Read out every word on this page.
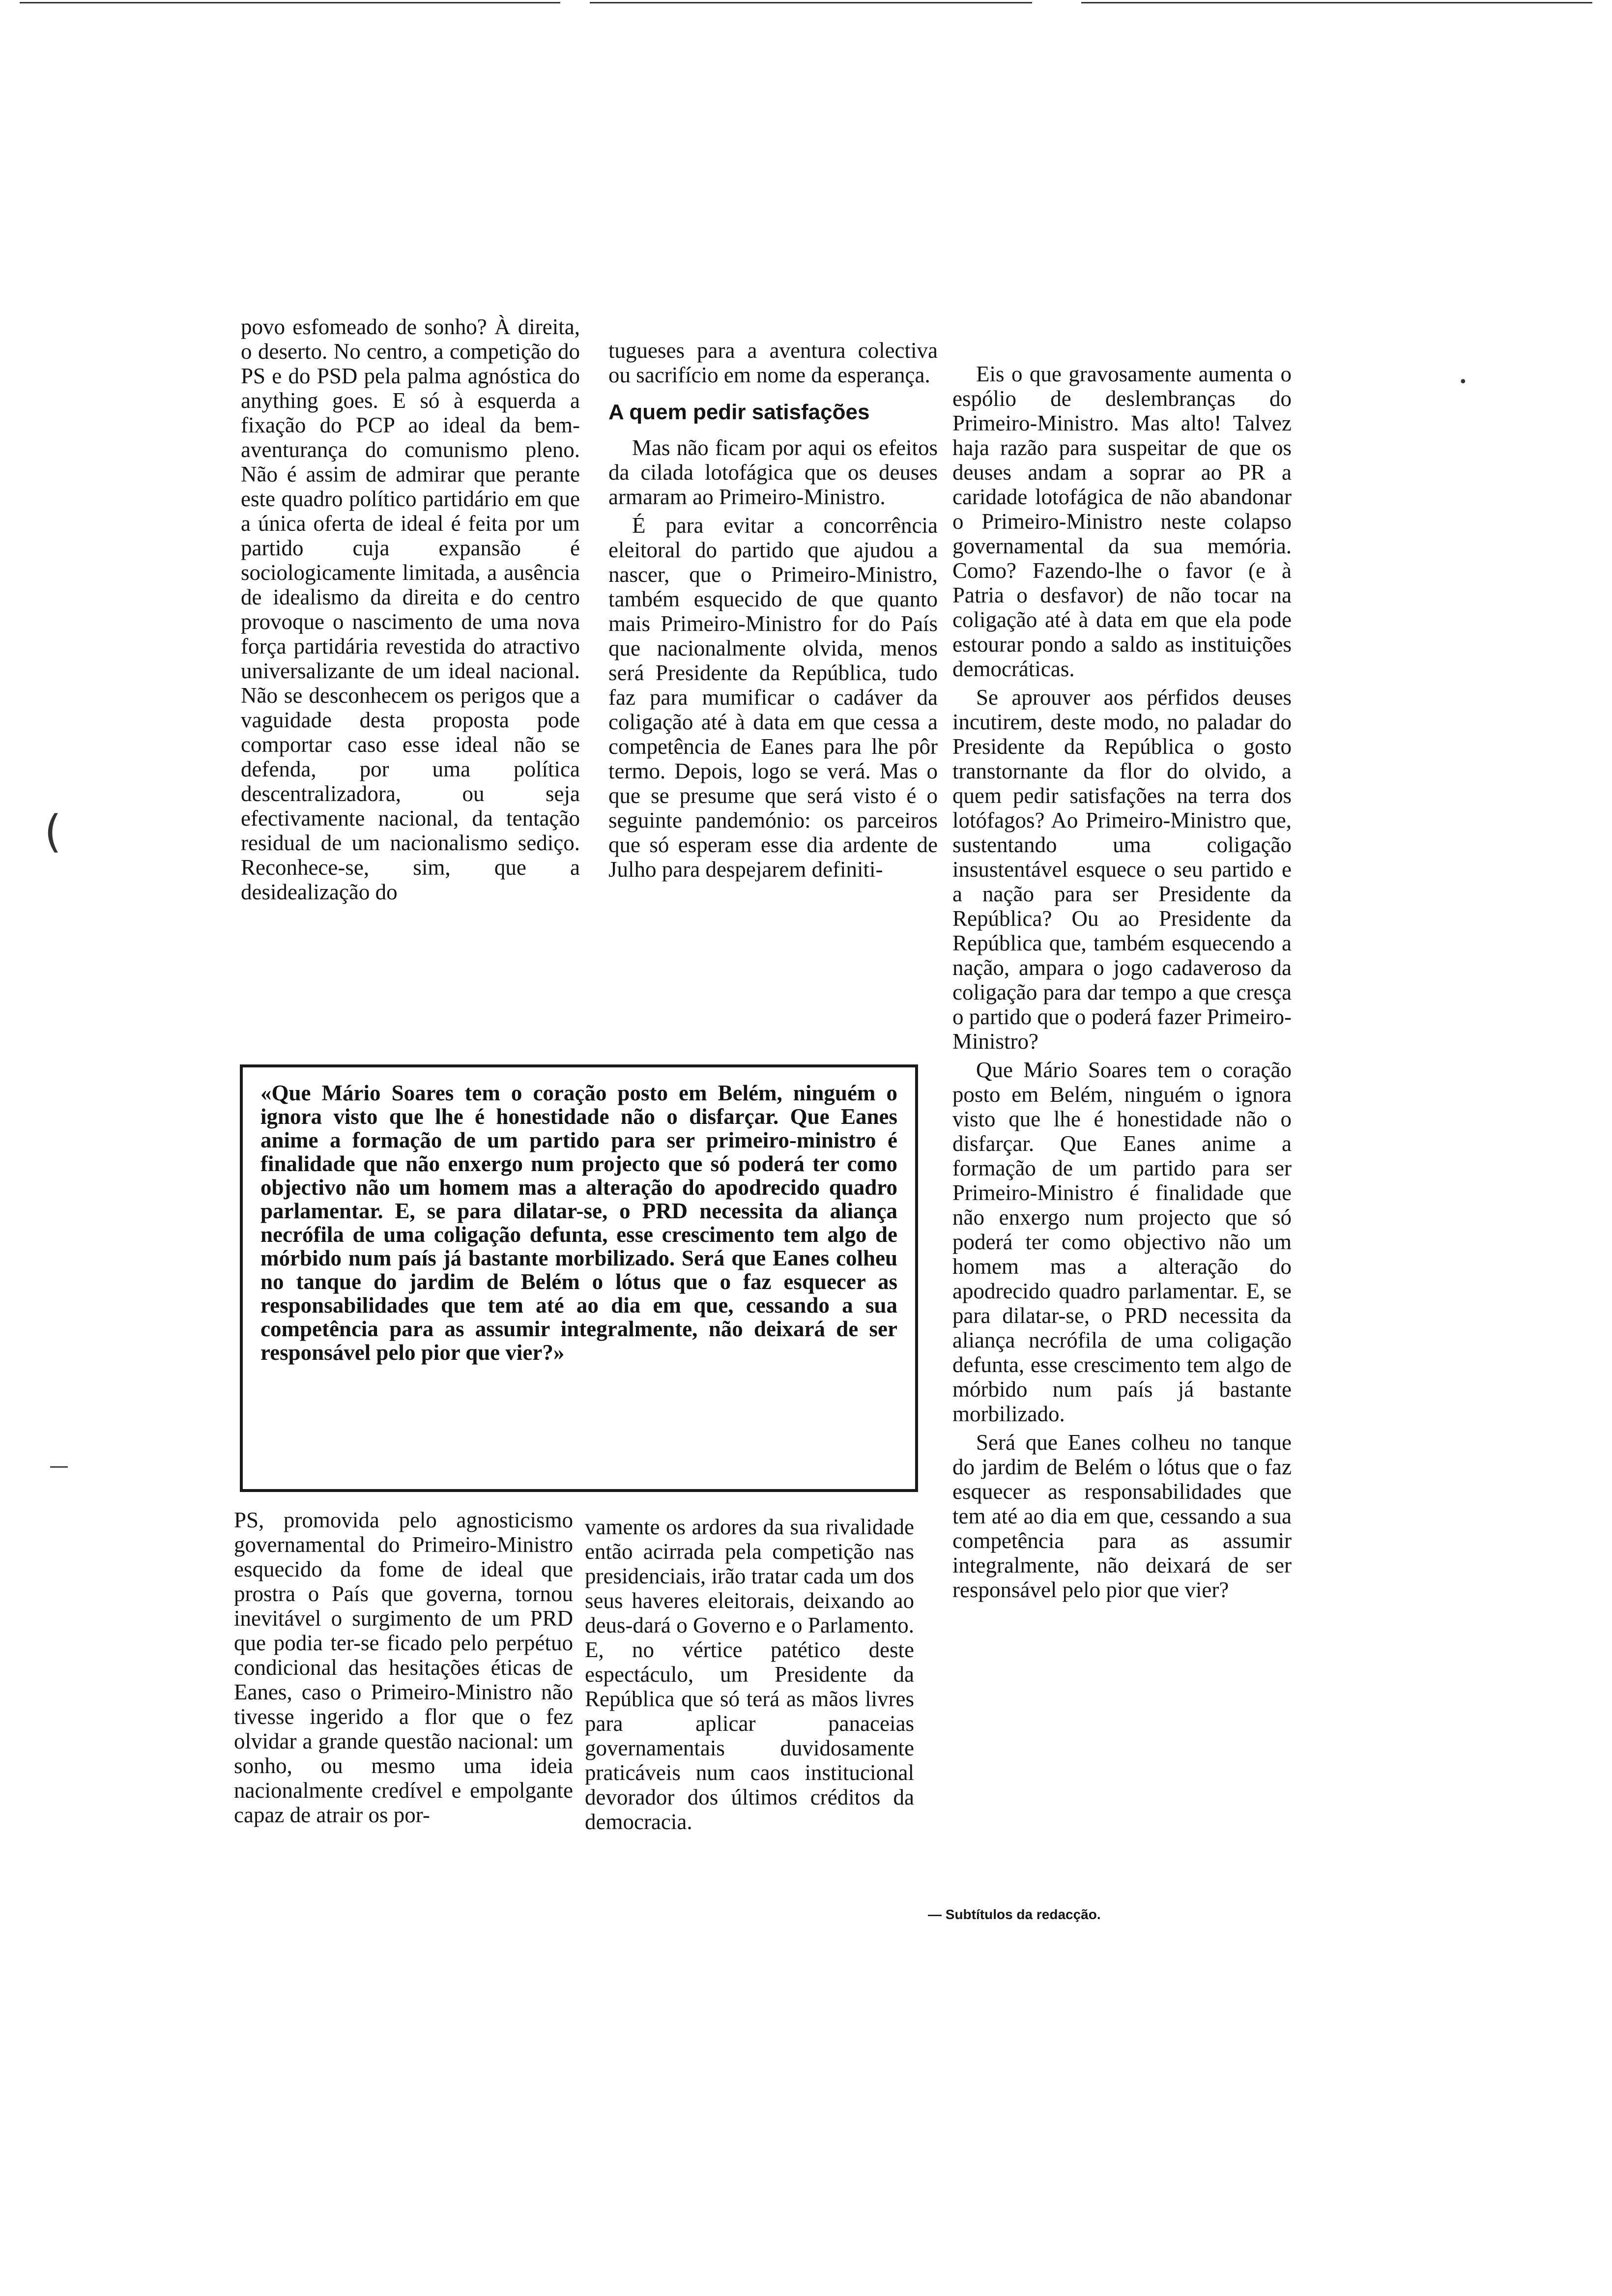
(
—
•

povo esfomeado de sonho? À direita, o deserto. No centro, a competição do PS e do PSD pela palma agnóstica do anything goes. E só à esquerda a fixação do PCP ao ideal da bem-aventurança do comunismo pleno. Não é assim de admirar que perante este quadro político partidário em que a única oferta de ideal é feita por um partido cuja expansão é sociologicamente limitada, a ausência de idealismo da direita e do centro provoque o nascimento de uma nova força partidária revestida do atractivo universalizante de um ideal nacional. Não se desconhecem os perigos que a vaguidade desta proposta pode comportar caso esse ideal não se defenda, por uma política descentralizadora, ou seja efectivamente nacional, da tentação residual de um nacionalismo sediço. Reconhece-se, sim, que a desidealização do

tugueses para a aventura colectiva ou sacrifício em nome da esperança.

A quem pedir satisfações

Mas não ficam por aqui os efeitos da cilada lotofágica que os deuses armaram ao Primeiro-Ministro.

É para evitar a concorrência eleitoral do partido que ajudou a nascer, que o Primeiro-Ministro, também esquecido de que quanto mais Primeiro-Ministro for do País que nacionalmente olvida, menos será Presidente da República, tudo faz para mumificar o cadáver da coligação até à data em que cessa a competência de Eanes para lhe pôr termo. Depois, logo se verá. Mas o que se presume que será visto é o seguinte pandemónio: os parceiros que só esperam esse dia ardente de Julho para despejarem definiti-

Eis o que gravosamente aumenta o espólio de deslembranças do Primeiro-Ministro. Mas alto! Talvez haja razão para suspeitar de que os deuses andam a soprar ao PR a caridade lotofágica de não abandonar o Primeiro-Ministro neste colapso governamental da sua memória. Como? Fazendo-lhe o favor (e à Patria o desfavor) de não tocar na coligação até à data em que ela pode estourar pondo a saldo as instituições democráticas.

Se aprouver aos pérfidos deuses incutirem, deste modo, no paladar do Presidente da República o gosto transtornante da flor do olvido, a quem pedir satisfações na terra dos lotófagos? Ao Primeiro-Ministro que, sustentando uma coligação insustentável esquece o seu partido e a nação para ser Presidente da República? Ou ao Presidente da República que, também esquecendo a nação, ampara o jogo cadaveroso da coligação para dar tempo a que cresça o partido que o poderá fazer Primeiro-Ministro?

Que Mário Soares tem o coração posto em Belém, ninguém o ignora visto que lhe é honestidade não o disfarçar. Que Eanes anime a formação de um partido para ser Primeiro-Ministro é finalidade que não enxergo num projecto que só poderá ter como objectivo não um homem mas a alteração do apodrecido quadro parlamentar. E, se para dilatar-se, o PRD necessita da aliança necrófila de uma coligação defunta, esse crescimento tem algo de mórbido num país já bastante morbilizado.

Será que Eanes colheu no tanque do jardim de Belém o lótus que o faz esquecer as responsabilidades que tem até ao dia em que, cessando a sua competência para as assumir integralmente, não deixará de ser responsável pelo pior que vier?

«Que Mário Soares tem o coração posto em Belém, ninguém o ignora visto que lhe é honestidade não o disfarçar. Que Eanes anime a formação de um partido para ser primeiro-ministro é finalidade que não enxergo num projecto que só poderá ter como objectivo não um homem mas a alteração do apodrecido quadro parlamentar. E, se para dilatar-se, o PRD necessita da aliança necrófila de uma coligação defunta, esse crescimento tem algo de mórbido num país já bastante morbilizado. Será que Eanes colheu no tanque do jardim de Belém o lótus que o faz esquecer as responsabilidades que tem até ao dia em que, cessando a sua competência para as assumir integralmente, não deixará de ser responsável pelo pior que vier?»

PS, promovida pelo agnosticismo governamental do Primeiro-Ministro esquecido da fome de ideal que prostra o País que governa, tornou inevitável o surgimento de um PRD que podia ter-se ficado pelo perpétuo condicional das hesitações éticas de Eanes, caso o Primeiro-Ministro não tivesse ingerido a flor que o fez olvidar a grande questão nacional: um sonho, ou mesmo uma ideia nacionalmente credível e empolgante capaz de atrair os por-

vamente os ardores da sua rivalidade então acirrada pela competição nas presidenciais, irão tratar cada um dos seus haveres eleitorais, deixando ao deus-dará o Governo e o Parlamento. E, no vértice patético deste espectáculo, um Presidente da República que só terá as mãos livres para aplicar panaceias governamentais duvidosamente praticáveis num caos institucional devorador dos últimos créditos da democracia.

— Subtítulos da redacção.
